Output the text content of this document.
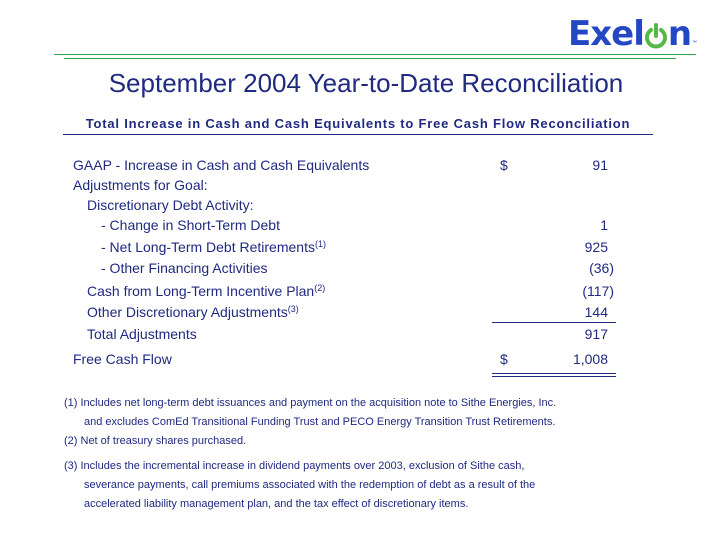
Exel n ™
September 2004 Year-to-Date Reconciliation
Total Increase in Cash and Cash Equivalents to Free Cash Flow Reconciliation
GAAP - Increase in Cash and Cash Equivalents	$	91
Adjustments for Goal:
Discretionary Debt Activity:
- Change in Short-Term Debt	1
- Net Long-Term Debt Retirements$^{(1)}$	925
- Other Financing Activities	(36)
Cash from Long-Term Incentive Plan$^{(2)}$	(117)
Other Discretionary Adjustments$^{(3)}$	144
Total Adjustments	917
Free Cash Flow	$	1,008
(1) Includes net long-term debt issuances and payment on the acquisition note to Sithe Energies, Inc.
and excludes ComEd Transitional Funding Trust and PECO Energy Transition Trust Retirements.
(2) Net of treasury shares purchased.
(3) Includes the incremental increase in dividend payments over 2003, exclusion of Sithe cash,
severance payments, call premiums associated with the redemption of debt as a result of the
accelerated liability management plan, and the tax effect of discretionary items.
